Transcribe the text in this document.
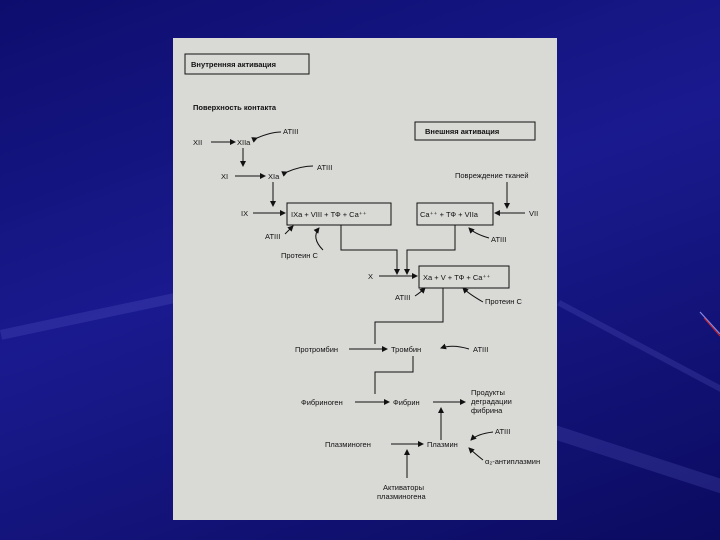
Внутренняя активация
Поверхность контакта
XII	XIIa
ATIII
XI	XIa
ATIII
Внешняя активация
Повреждение тканей
IX	IXa + VIII + ТФ + Ca⁺⁺	Ca⁺⁺ + ТФ + VIIa	VII
ATIII
Протеин С
ATIII
X	Xa + V + ТФ + Ca⁺⁺
ATIII	Протеин С
Протромбин	Тромбин	ATIII
Фибриноген	Фибрин
Продукты
деградации
фибрина
ATIII
Плазминоген	Плазмин
α₂-антиплазмин
Активаторы
плазминогена
